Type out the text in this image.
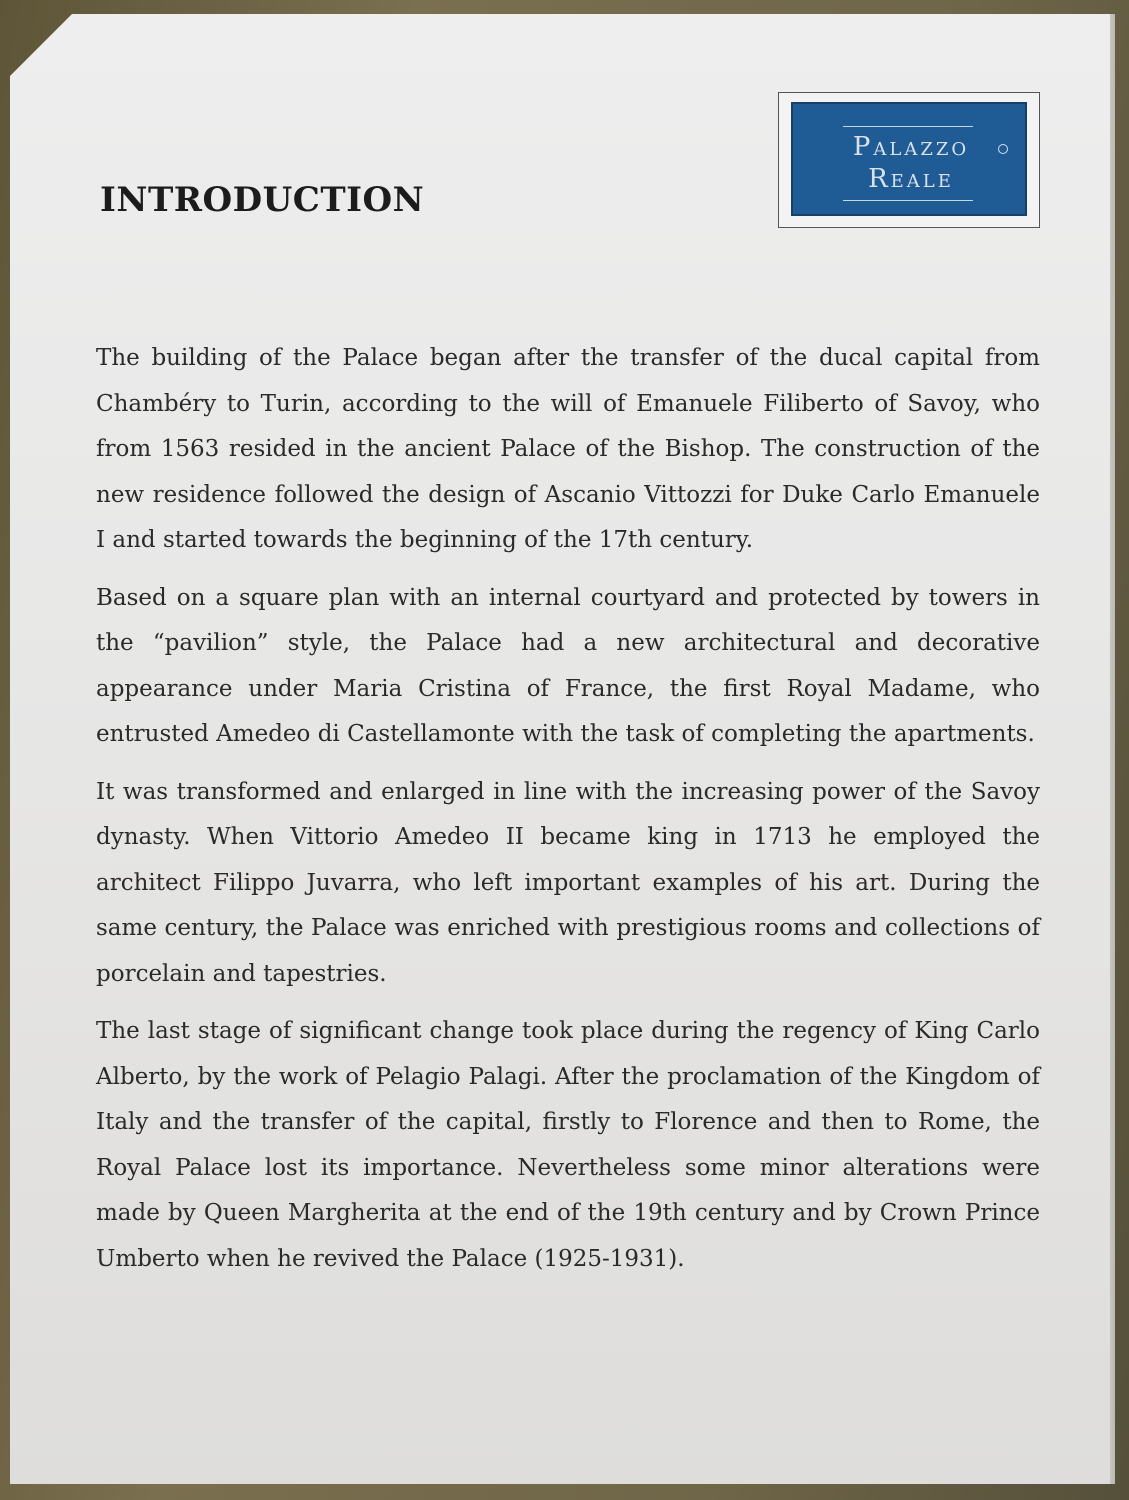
INTRODUCTION
Palazzo
Reale

The building of the Palace began after the transfer of the ducal capital from Chambéry to Turin, according to the will of Emanuele Filiberto of Savoy, who from 1563 resided in the ancient Palace of the Bishop. The construction of the new residence followed the design of Ascanio Vittozzi for Duke Carlo Emanuele I and started towards the beginning of the 17th century.

Based on a square plan with an internal courtyard and protected by towers in the “pavilion” style, the Palace had a new architectural and decorative appearance under Maria Cristina of France, the first Royal Madame, who entrusted Amedeo di Castellamonte with the task of completing the apartments.

It was transformed and enlarged in line with the increasing power of the Savoy dynasty. When Vittorio Amedeo II became king in 1713 he employed the architect Filippo Juvarra, who left important examples of his art. During the same century, the Palace was enriched with prestigious rooms and collections of porcelain and tapestries.

The last stage of significant change took place during the regency of King Carlo Alberto, by the work of Pelagio Palagi. After the proclamation of the Kingdom of Italy and the transfer of the capital, firstly to Florence and then to Rome, the Royal Palace lost its importance. Nevertheless some minor alterations were made by Queen Margherita at the end of the 19th century and by Crown Prince Umberto when he revived the Palace (1925-1931).
